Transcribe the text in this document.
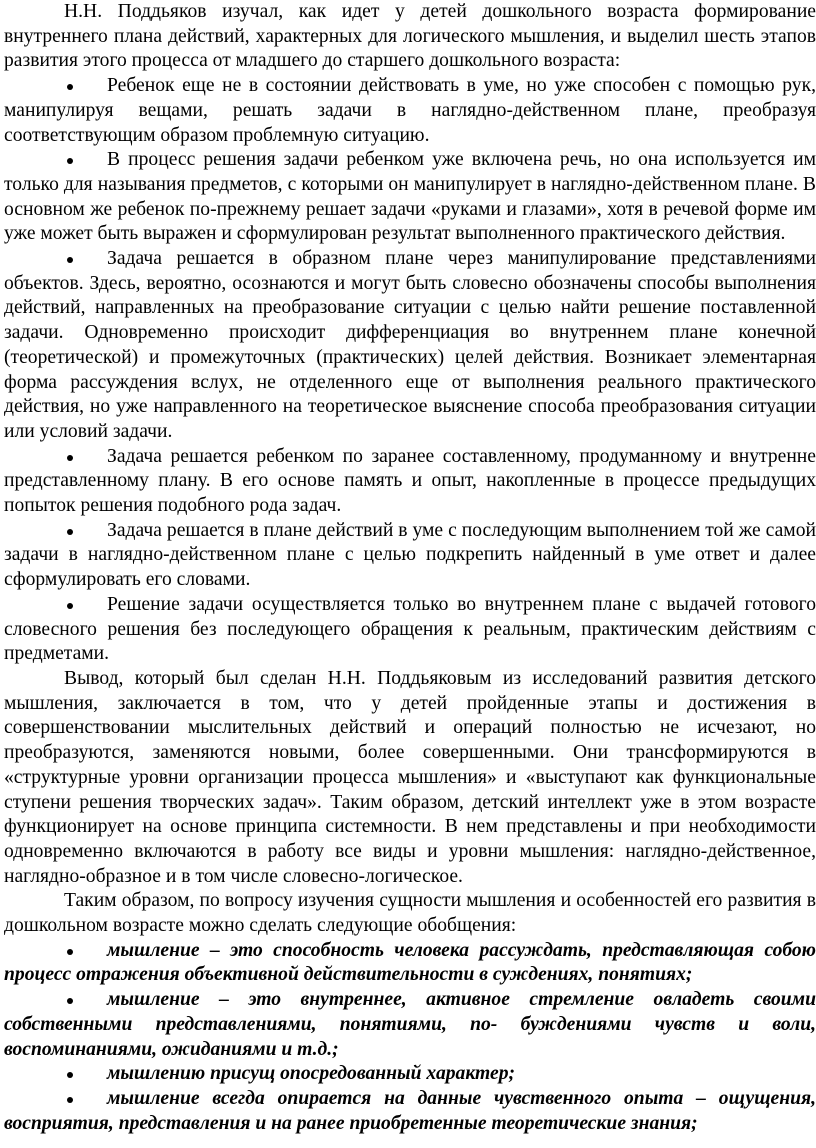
Н.Н. Поддьяков изучал, как идет у детей дошкольного возраста формирование внутреннего плана действий, характерных для логического мышления, и выделил шесть этапов развития этого процесса от младшего до старшего дошкольного возраста:

Ребенок еще не в состоянии действовать в уме, но уже способен с помощью рук, манипулируя вещами, решать задачи в наглядно-действенном плане, преобразуя соответствующим образом проблемную ситуацию.

В процесс решения задачи ребенком уже включена речь, но она используется им только для называния предметов, с которыми он манипулирует в наглядно-действенном плане. В основном же ребенок по-прежнему решает задачи «руками и глазами», хотя в речевой форме им уже может быть выражен и сформулирован результат выполненного практического действия.

Задача решается в образном плане через манипулирование представлениями объектов. Здесь, вероятно, осознаются и могут быть словесно обозначены способы выполнения действий, направленных на преобразование ситуации с целью найти решение поставленной задачи. Одновременно происходит дифференциация во внутреннем плане конечной (теоретической) и промежуточных (практических) целей действия. Возникает элементарная форма рассуждения вслух, не отделенного еще от выполнения реального практического действия, но уже направленного на теоретическое выяснение способа преобразования ситуации или условий задачи.

Задача решается ребенком по заранее составленному, продуманному и внутренне представленному плану. В его основе память и опыт, накопленные в процессе предыдущих попыток решения подобного рода задач.

Задача решается в плане действий в уме с последующим выполнением той же самой задачи в наглядно-действенном плане с целью подкрепить найденный в уме ответ и далее сформулировать его словами.

Решение задачи осуществляется только во внутреннем плане с выдачей готового словесного решения без последующего обращения к реальным, практическим действиям с предметами.

Вывод, который был сделан Н.Н. Поддьяковым из исследований развития детского мышления, заключается в том, что у детей пройденные этапы и достижения в совершенствовании мыслительных действий и операций полностью не исчезают, но преобразуются, заменяются новыми, более совершенными. Они трансформируются в «структурные уровни организации процесса мышления» и «выступают как функциональные ступени решения творческих задач». Таким образом, детский интеллект уже в этом возрасте функционирует на основе принципа системности. В нем представлены и при необходимости одновременно включаются в работу все виды и уровни мышления: наглядно-действенное, наглядно-образное и в том числе словесно-логическое.

Таким образом, по вопросу изучения сущности мышления и особенностей его развития в дошкольном возрасте можно сделать следующие обобщения:

мышление – это способность человека рассуждать, представляющая собою процесс отражения объективной действительности в суждениях, понятиях;

мышление – это внутреннее, активное стремление овладеть своими собственными представлениями, понятиями, по- буждениями чувств и воли, воспоминаниями, ожиданиями и т.д.;

мышлению присущ опосредованный характер;

мышление всегда опирается на данные чувственного опыта – ощущения, восприятия, представления и на ранее приобретенные теоретические знания;
